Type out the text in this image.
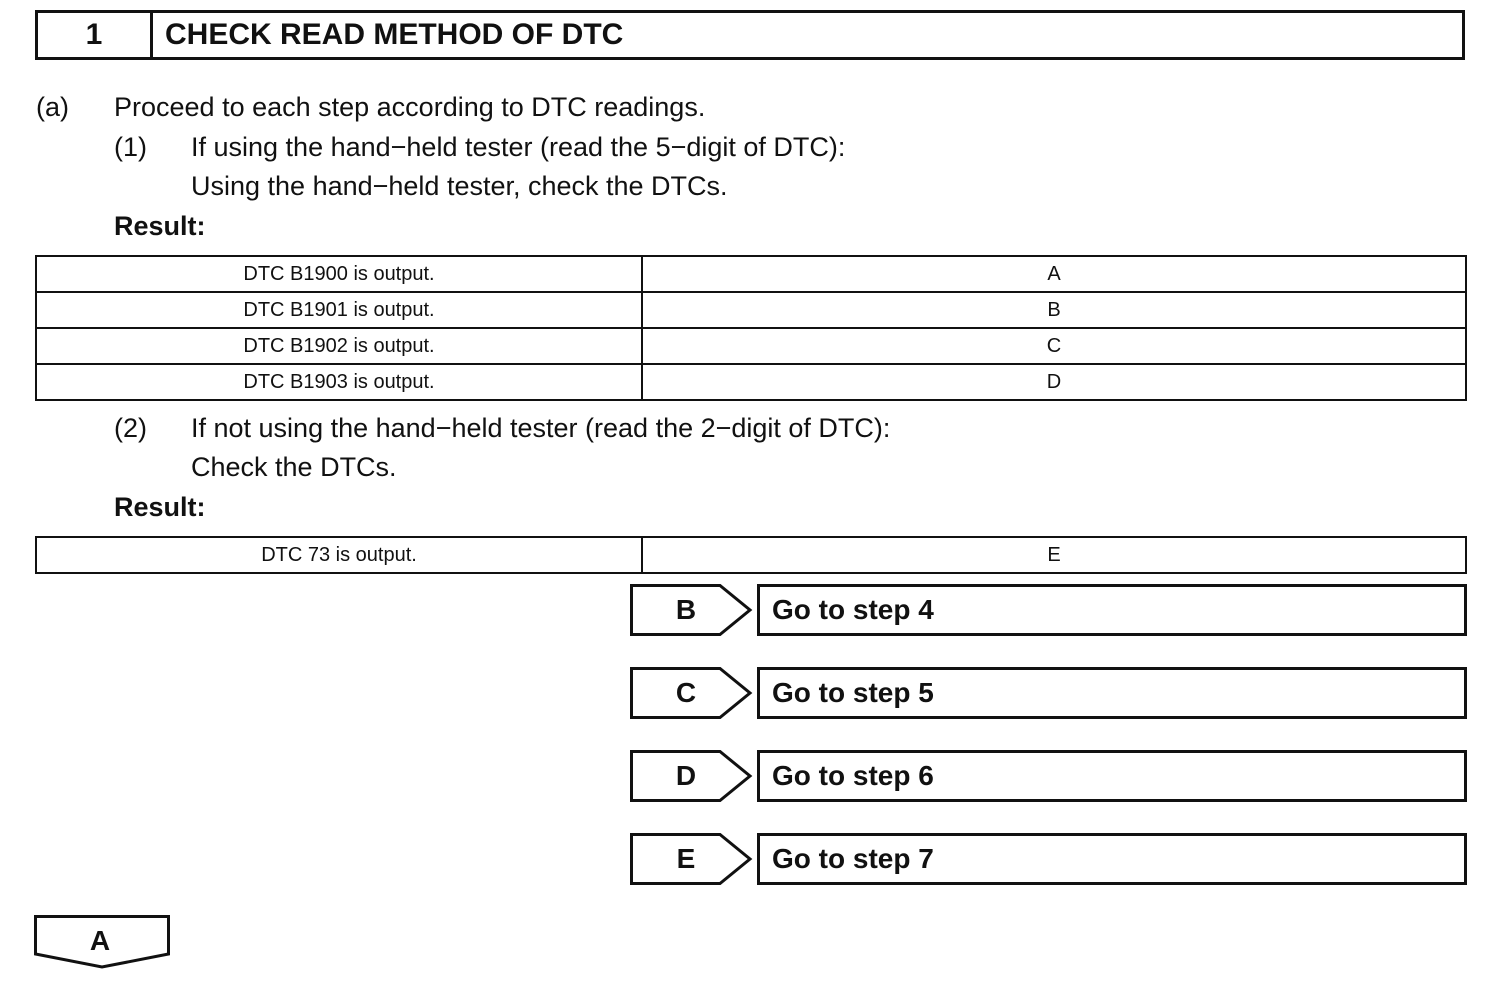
1	CHECK READ METHOD OF DTC
(a) Proceed to each step according to DTC readings.
(1) If using the hand−held tester (read the 5−digit of DTC):
Using the hand−held tester, check the DTCs.
Result:
DTC B1900 is output.	A
DTC B1901 is output.	B
DTC B1902 is output.	C
DTC B1903 is output.	D
(2) If not using the hand−held tester (read the 2−digit of DTC):
Check the DTCs.
Result:
DTC 73 is output.	E
B	Go to step 4
C	Go to step 5
D	Go to step 6
E	Go to step 7
A
